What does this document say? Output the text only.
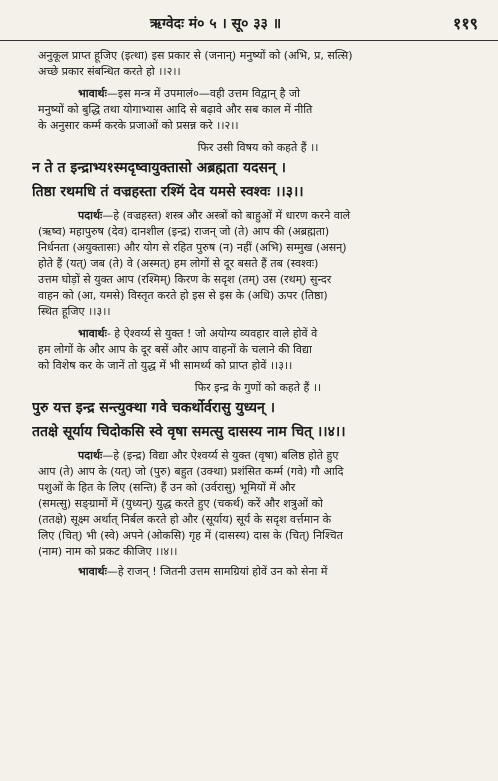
ऋग्वेदः मं० ५ । सू० ३३ ॥	११९
अनुकूल प्राप्त हूजिए (इत्था) इस प्रकार से (जनान्) मनुष्यों को (अभि, प्र, सत्सि)
अच्छे प्रकार संबन्धित करते हो ।।२।।
भावार्थः—इस मन्त्र में उपमालं०—वही उत्तम विद्वान् है जो
मनुष्यों को बुद्धि तथा योगाभ्यास आदि से बढ़ावे और सब काल में नीति
के अनुसार कर्म्म करके प्रजाओं को प्रसन्न करे ।।२।।
फिर उसी विषय को कहते हैं ।।
न ते त इन्द्राभ्य१स्मदृष्वायुक्तासो अब्रह्मता यदसन् ।
तिष्ठा रथमधि तं वज्रहस्ता रश्मिं देव यमसे स्वश्वः ।।३।।
पदार्थः—हे (वज्रहस्त) शस्त्र और अस्त्रों को बाहुओं में धारण करने वाले
(ऋष्व) महापुरुष (देव) दानशील (इन्द्र) राजन् जो (ते) आप की (अब्रह्मता)
निर्धनता (अयुक्तासः) और योग से रहित पुरुष (न) नहीं (अभि) सम्मुख (असन्)
होते हैं (यत्) जब (ते) वे (अस्मत्) हम लोगों से दूर बसते हैं तब (स्वश्वः)
उत्तम घोड़ों से युक्त आप (रश्मिम्) किरण के सदृश (तम्) उस (रथम्) सुन्दर
वाहन को (आ, यमसे) विस्तृत करते हो इस से इस के (अधि) ऊपर (तिष्ठा)
स्थित हूजिए ।।३।।
भावार्थः- हे ऐश्वर्य्य से युक्त ! जो अयोग्य व्यवहार वाले होवें वे
हम लोगों के और आप के दूर बसें और आप वाहनों के चलाने की विद्या
को विशेष कर के जानें तो युद्ध में भी सामर्थ्य को प्राप्त होवें ।।३।।
फिर इन्द्र के गुणों को कहते हैं ।।
पुरु यत्त इन्द्र सन्त्युक्था गवे चकर्थोर्वरासु युध्यन् ।
ततक्षे सूर्याय चिदोकसि स्वे वृषा समत्सु दासस्य नाम चित् ।।४।।
पदार्थः—हे (इन्द्र) विद्या और ऐश्वर्य्य से युक्त (वृषा) बलिष्ठ होते हुए
आप (ते) आप के (यत्) जो (पुरु) बहुत (उक्था) प्रशंसित कर्म्म (गवे) गौ आदि
पशुओं के हित के लिए (सन्ति) हैं उन को (उर्वरासु) भूमियों में और
(समत्सु) सङ्ग्रामों में (युध्यन्) युद्ध करते हुए (चकर्थ) करें और शत्रुओं को
(ततक्षे) सूक्ष्म अर्थात् निर्बल करते हो और (सूर्याय) सूर्य के सदृश वर्त्तमान के
लिए (चित्) भी (स्वे) अपने (ओकसि) गृह में (दासस्य) दास के (चित्) निश्चित
(नाम) नाम को प्रकट कीजिए ।।४।।
भावार्थः—हे राजन् ! जितनी उत्तम सामग्रियां होवें उन को सेना में
